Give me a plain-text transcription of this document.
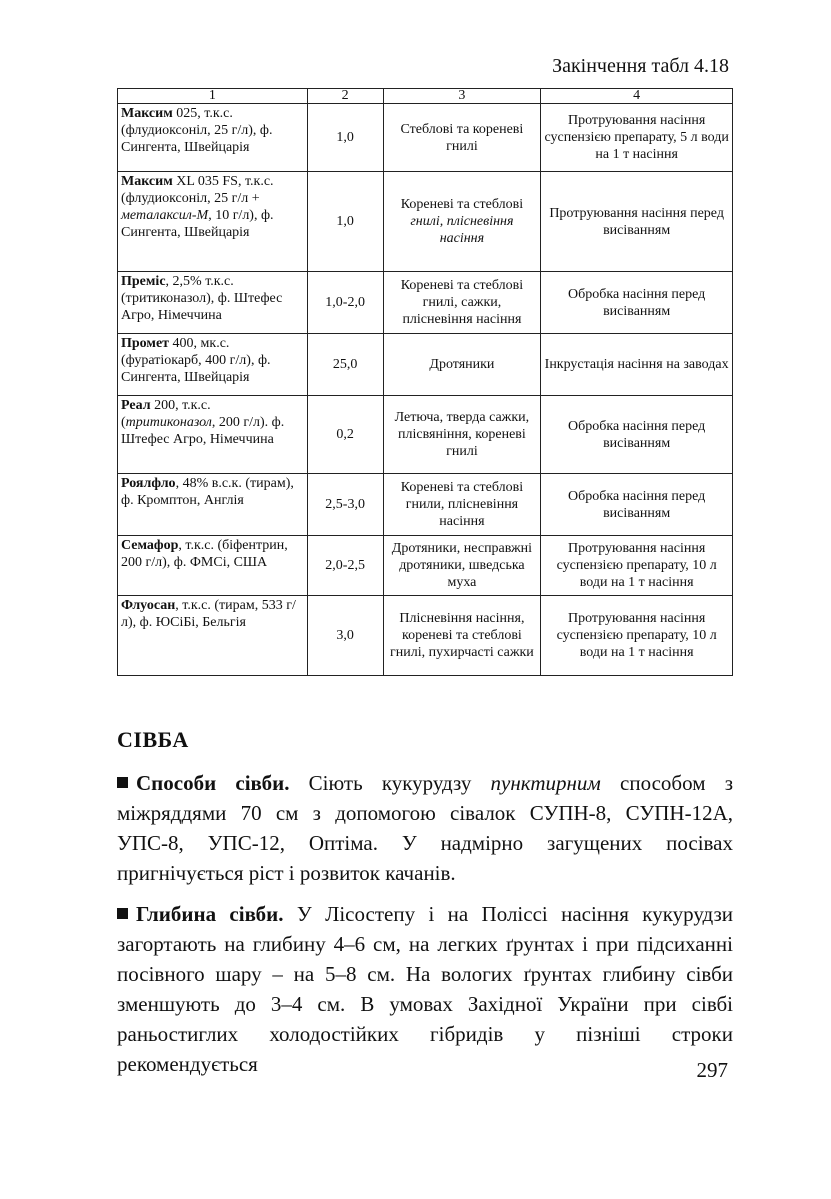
Закінчення табл 4.18
1	2	3	4
Максим 025, т.к.с. (флудиоксоніл, 25 г/л), ф. Сингента, Швейцарія	1,0	Стеблові та кореневі гнилі	Протруювання насіння суспензією препарату, 5 л води на 1 т насіння
Максим XL 035 FS, т.к.с. (флудиоксоніл, 25 г/л + металаксил-М, 10 г/л), ф. Сингента, Швейцарія	1,0	Кореневі та стеблові гнилі, плісневіння насіння	Протруювання насіння перед висіванням
Преміс, 2,5% т.к.с. (тритиконазол), ф. Штефес Агро, Німеччина	1,0-2,0	Кореневі та стеблові гнилі, сажки, плісневіння насіння	Обробка насіння перед висіванням
Промет 400, мк.с. (фуратіокарб, 400 г/л), ф. Сингента, Швейцарія	25,0	Дротяники	Інкрустація насіння на заводах
Реал 200, т.к.с. (тритиконазол, 200 г/л). ф. Штефес Агро, Німеччина	0,2	Летюча, тверда сажки, плісвяніння, кореневі гнилі	Обробка насіння перед висіванням
Роялфло, 48% в.с.к. (тирам), ф. Кромптон, Англія	2,5-3,0	Кореневі та стеблові гнили, плісневіння насіння	Обробка насіння перед висіванням
Семафор, т.к.с. (біфентрин, 200 г/л), ф. ФМСі, США	2,0-2,5	Дротяники, несправжні дротяники, шведська муха	Протруювання насіння суспензією препарату, 10 л води на 1 т насіння
Флуосан, т.к.с. (тирам, 533 г/л), ф. ЮСіБі, Бельгія	3,0	Плісневіння насіння, кореневі та стеблові гнилі, пухирчасті сажки	Протруювання насіння суспензією препарату, 10 л води на 1 т насіння
СІВБА
Способи сівби. Сіють кукурудзу пунктирним способом з міжряддями 70 см з допомогою сівалок СУПН-8, СУПН-12А, УПС-8, УПС-12, Оптіма. У надмірно загущених посівах пригнічується ріст і розвиток качанів.
Глибина сівби. У Лісостепу і на Поліссі насіння кукурудзи загортають на глибину 4–6 см, на легких ґрунтах і при підсиханні посівного шару – на 5–8 см. На вологих ґрунтах глибину сівби зменшують до 3–4 см. В умовах Західної України при сівбі раньостиглих холодостійких гібридів у пізніші строки рекомендується	297
